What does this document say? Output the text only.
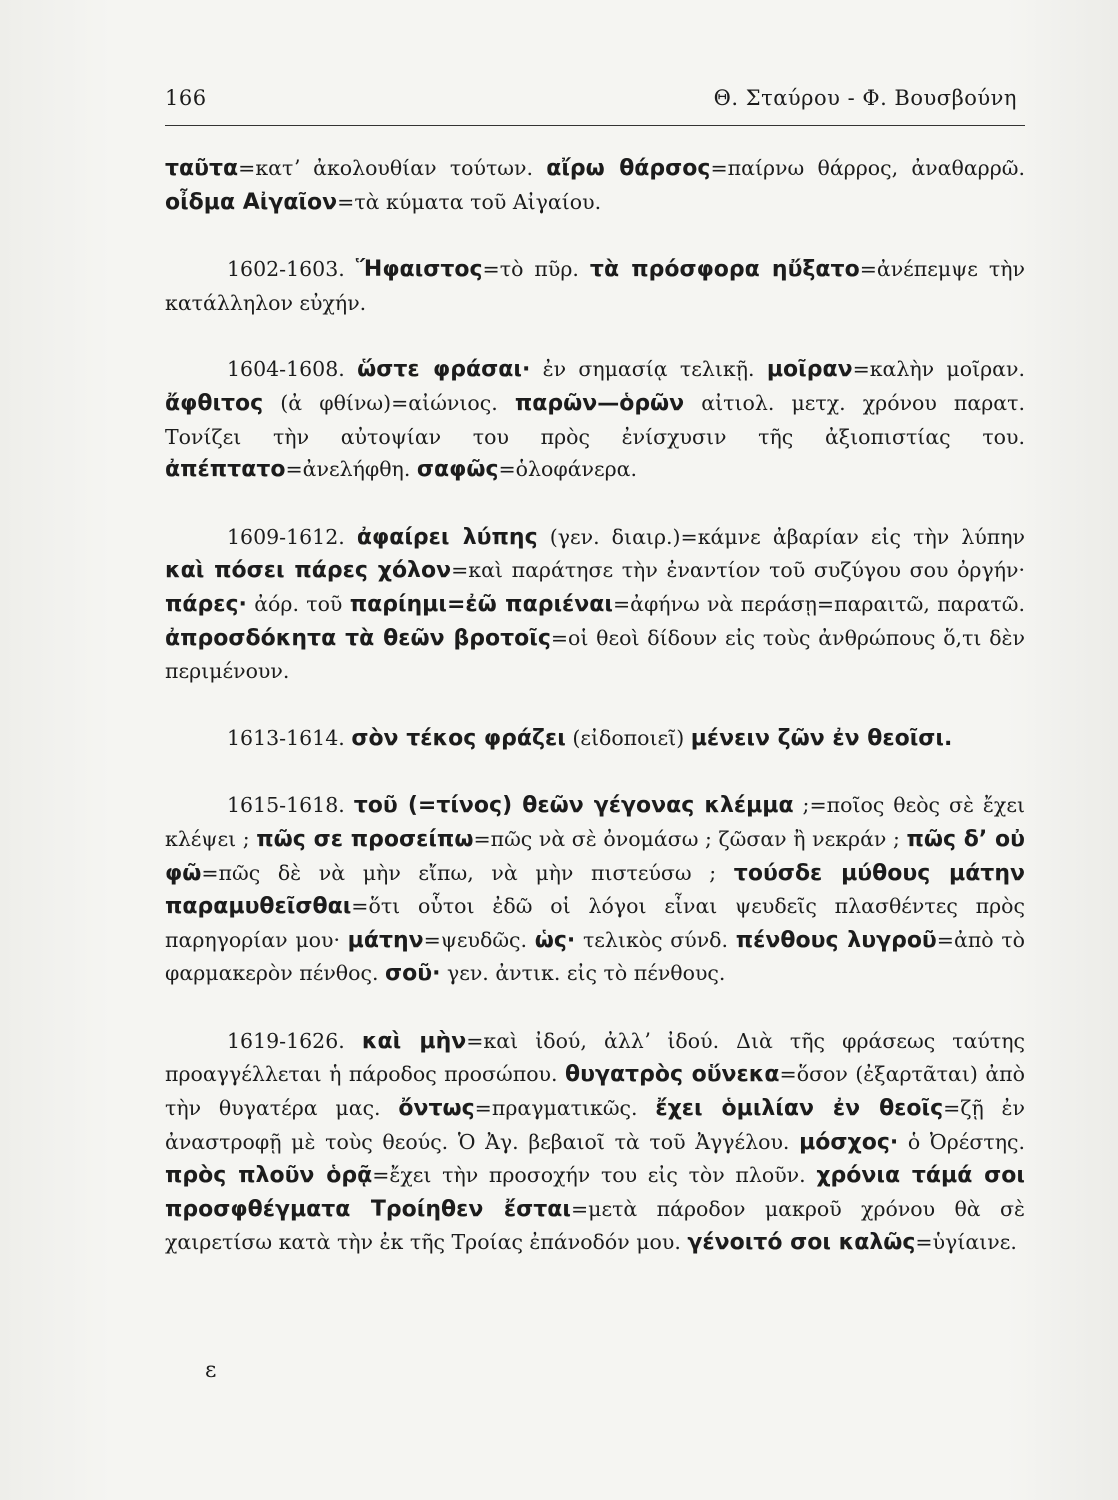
166	Θ. Σταύρου - Φ. Βουσβούνη

ταῦτα=κατʼ ἀκολουθίαν τούτων. αἴρω θάρσος=παίρνω θάρρος, ἀναθαρρῶ. οἶδμα Αἰγαῖον=τὰ κύματα τοῦ Αἰγαίου.

1602-1603. Ἥφαιστος=τὸ πῦρ. τὰ πρόσφορα ηὔξατο=ἀνέπεμψε τὴν κατάλληλον εὐχήν.

1604-1608. ὥστε φράσαι· ἐν σημασίᾳ τελικῇ. μοῖραν=καλὴν μοῖραν. ἄφθιτος (ἀ φθίνω)=αἰώνιος. παρῶν—ὁρῶν αἰτιολ. μετχ. χρόνου παρατ. Τονίζει τὴν αὐτοψίαν του πρὸς ἐνίσχυσιν τῆς ἀξιοπιστίας του. ἀπέπτατο=ἀνελήφθη. σαφῶς=ὁλοφάνερα.

1609-1612. ἀφαίρει λύπης (γεν. διαιρ.)=κάμνε ἀβαρίαν εἰς τὴν λύπην καὶ πόσει πάρες χόλον=καὶ παράτησε τὴν ἐναντίον τοῦ συζύγου σου ὀργήν· πάρες· ἀόρ. τοῦ παρίημι=ἐῶ παριέναι=ἀφήνω νὰ περάσῃ=παραιτῶ, παρατῶ. ἀπροσδόκητα τὰ θεῶν βροτοῖς=οἱ θεοὶ δίδουν εἰς τοὺς ἀνθρώπους ὅ,τι δὲν περιμένουν.

1613-1614. σὸν τέκος φράζει (εἰδοποιεῖ) μένειν ζῶν ἐν θεοῖσι.

1615-1618. τοῦ (=τίνος) θεῶν γέγονας κλέμμα ;=ποῖος θεὸς σὲ ἔχει κλέψει ; πῶς σε προσείπω=πῶς νὰ σὲ ὀνομάσω ; ζῶσαν ἢ νεκράν ; πῶς δʼ οὐ φῶ=πῶς δὲ νὰ μὴν εἴπω, νὰ μὴν πιστεύσω ; τούσδε μύθους μάτην παραμυθεῖσθαι=ὅτι οὗτοι ἐδῶ οἱ λόγοι εἶναι ψευδεῖς πλασθέντες πρὸς παρηγορίαν μου· μάτην=ψευδῶς. ὡς· τελικὸς σύνδ. πένθους λυγροῦ=ἀπὸ τὸ φαρμακερὸν πένθος. σοῦ· γεν. ἀντικ. εἰς τὸ πένθους.

1619-1626. καὶ μὴν=καὶ ἰδού, ἀλλʼ ἰδού. Διὰ τῆς φράσεως ταύτης προαγγέλλεται ἡ πάροδος προσώπου. θυγατρὸς οὕνεκα=ὅσον (ἐξαρτᾶται) ἀπὸ τὴν θυγατέρα μας. ὄντως=πραγματικῶς. ἔχει ὁμιλίαν ἐν θεοῖς=ζῇ ἐν ἀναστροφῇ μὲ τοὺς θεούς. Ὁ Ἀγ. βεβαιοῖ τὰ τοῦ Ἀγγέλου. μόσχος· ὁ Ὀρέστης. πρὸς πλοῦν ὁρᾷ=ἔχει τὴν προσοχήν του εἰς τὸν πλοῦν. χρόνια τάμά σοι προσφθέγματα Τροίηθεν ἔσται=μετὰ πάροδον μακροῦ χρόνου θὰ σὲ χαιρετίσω κατὰ τὴν ἐκ τῆς Τροίας ἐπάνοδόν μου. γένοιτό σοι καλῶς=ὑγίαινε.

ε
